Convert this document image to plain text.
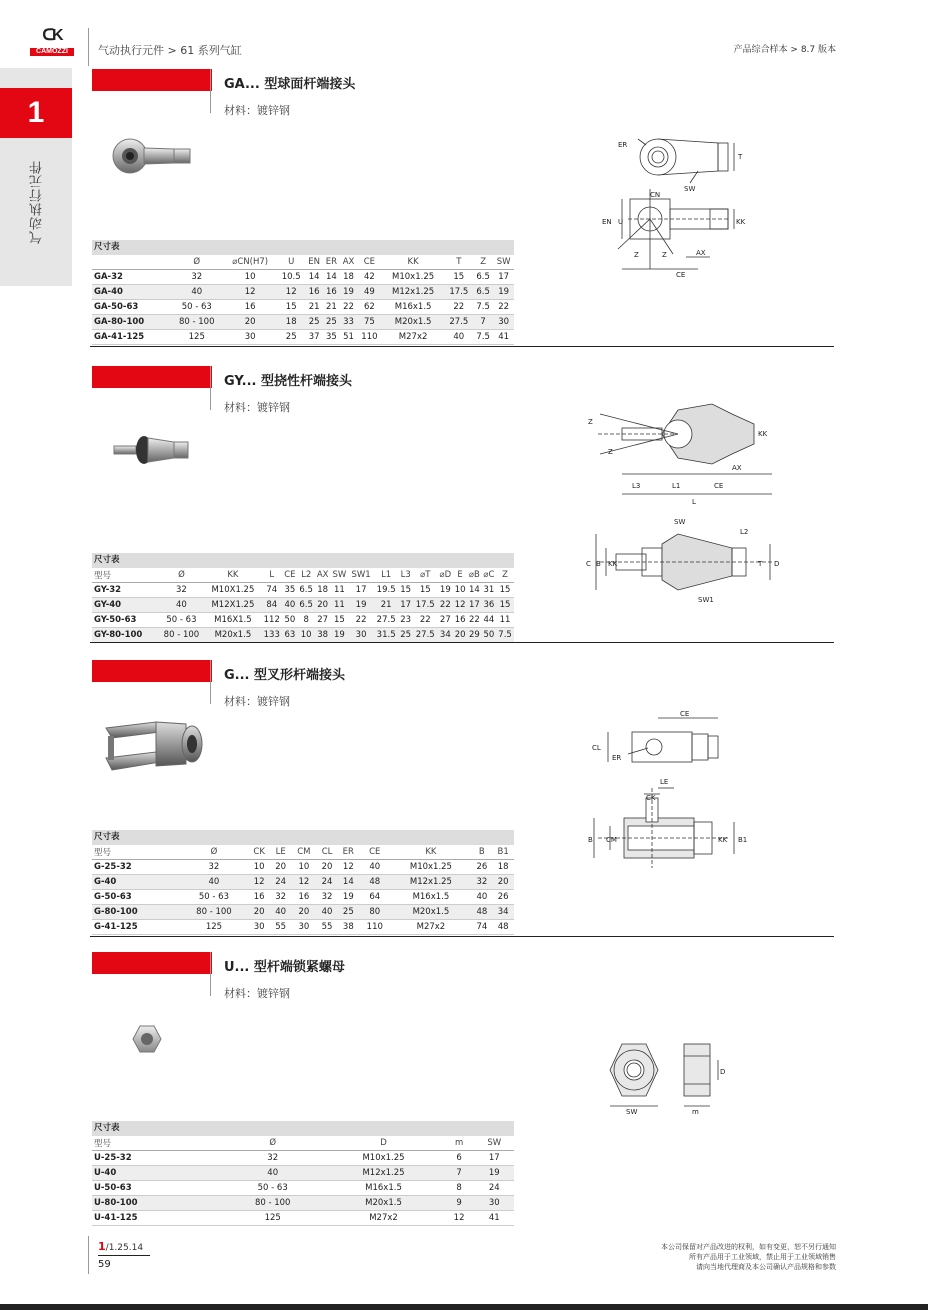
ᑕK
CAMOZZI	气动执行元件 > 61 系列气缸	产品综合样本 > 8.7 版本
1
气动执行元件
GA... 型球面杆端接头
材料：镀锌钢
ER
T
SW
CN
EN U	KK
Z	Z	AX
CE
尺寸表
	Ø	⌀CN(H7)	U	EN	ER	AX	CE	KK	T	Z	SW
GA-32	32	10	10.5	14	14	18	42	M10x1.25	15	6.5	17
GA-40	40	12	12	16	16	19	49	M12x1.25	17.5	6.5	19
GA-50-63	50 - 63	16	15	21	21	22	62	M16x1.5	22	7.5	22
GA-80-100	80 - 100	20	18	25	25	33	75	M20x1.5	27.5	7	30
GA-41-125	125	30	25	37	35	51	110	M27x2	40	7.5	41
GY... 型挠性杆端接头
材料：镀锌钢
Z
Z
KK
AX
L3	L1	CE
L
SW
L2
C B KK	T D
SW1
尺寸表
型号	Ø	KK	L	CE	L2	AX	SW	SW1	L1	L3	⌀T	⌀D	E	⌀B	⌀C	Z
GY-32	32	M10X1.25	74	35	6.5	18	11	17	19.5	15	15	19	10	14	31	15
GY-40	40	M12X1.25	84	40	6.5	20	11	19	21	17	17.5	22	12	17	36	15
GY-50-63	50 - 63	M16X1.5	112	50	8	27	15	22	27.5	23	22	27	16	22	44	11
GY-80-100	80 - 100	M20x1.5	133	63	10	38	19	30	31.5	25	27.5	34	20	29	50	7.5
G... 型叉形杆端接头
材料：镀锌钢
CE
CL
ER
LE
CK
B CM	KK B1
尺寸表
型号	Ø	CK	LE	CM	CL	ER	CE	KK	B	B1
G-25-32	32	10	20	10	20	12	40	M10x1.25	26	18
G-40	40	12	24	12	24	14	48	M12x1.25	32	20
G-50-63	50 - 63	16	32	16	32	19	64	M16x1.5	40	26
G-80-100	80 - 100	20	40	20	40	25	80	M20x1.5	48	34
G-41-125	125	30	55	30	55	38	110	M27x2	74	48
U... 型杆端锁紧螺母
材料：镀锌钢
SW
D
m
尺寸表
型号	Ø	D	m	SW
U-25-32	32	M10x1.25	6	17
U-40	40	M12x1.25	7	19
U-50-63	50 - 63	M16x1.5	8	24
U-80-100	80 - 100	M20x1.5	9	30
U-41-125	125	M27x2	12	41
1/1.25.14
59
本公司保留对产品改进的权利，如有变更，恕不另行通知
所有产品用于工业领域，禁止用于工业领域销售
请向当地代理商及本公司确认产品规格和参数
